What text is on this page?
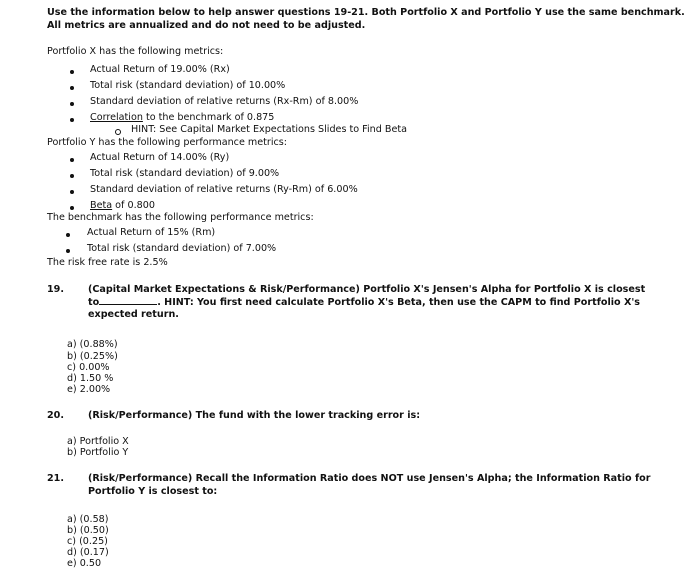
Use the information below to help answer questions 19-21. Both Portfolio X and Portfolio Y use the same benchmark.
All metrics are annualized and do not need to be adjusted.
Portfolio X has the following metrics:
Actual Return of 19.00% (Rx)
Total risk (standard deviation) of 10.00%
Standard deviation of relative returns (Rx-Rm) of 8.00%
Correlation to the benchmark of 0.875
HINT: See Capital Market Expectations Slides to Find Beta
Portfolio Y has the following performance metrics:
Actual Return of 14.00% (Ry)
Total risk (standard deviation) of 9.00%
Standard deviation of relative returns (Ry-Rm) of 6.00%
Beta of 0.800
The benchmark has the following performance metrics:
Actual Return of 15% (Rm)
Total risk (standard deviation) of 7.00%
The risk free rate is 2.5%
19.	(Capital Market Expectations & Risk/Performance) Portfolio X's Jensen's Alpha for Portfolio X is closest
to	. HINT: You first need calculate Portfolio X's Beta, then use the CAPM to find Portfolio X's
expected return.
a) (0.88%)
b) (0.25%)
c) 0.00%
d) 1.50 %
e) 2.00%
20.	(Risk/Performance) The fund with the lower tracking error is:
a) Portfolio X
b) Portfolio Y
21.	(Risk/Performance) Recall the Information Ratio does NOT use Jensen's Alpha; the Information Ratio for
Portfolio Y is closest to:
a) (0.58)
b) (0.50)
c) (0.25)
d) (0.17)
e) 0.50
